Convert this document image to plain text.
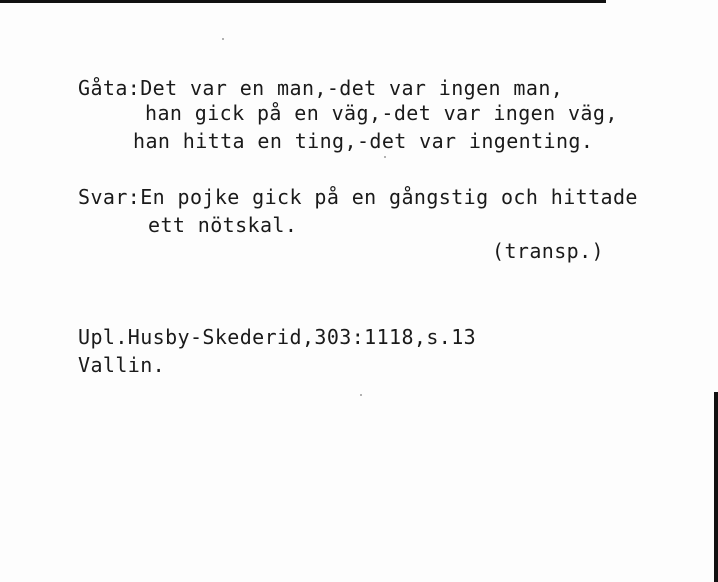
Gåta:Det var en man,-det var ingen man,
han gick på en väg,-det var ingen väg,
han hitta en ting,-det var ingenting.
Svar:En pojke gick på en gångstig och hittade
ett nötskal.
(transp.)
Upl.Husby-Skederid,303:1118,s.13
Vallin.
